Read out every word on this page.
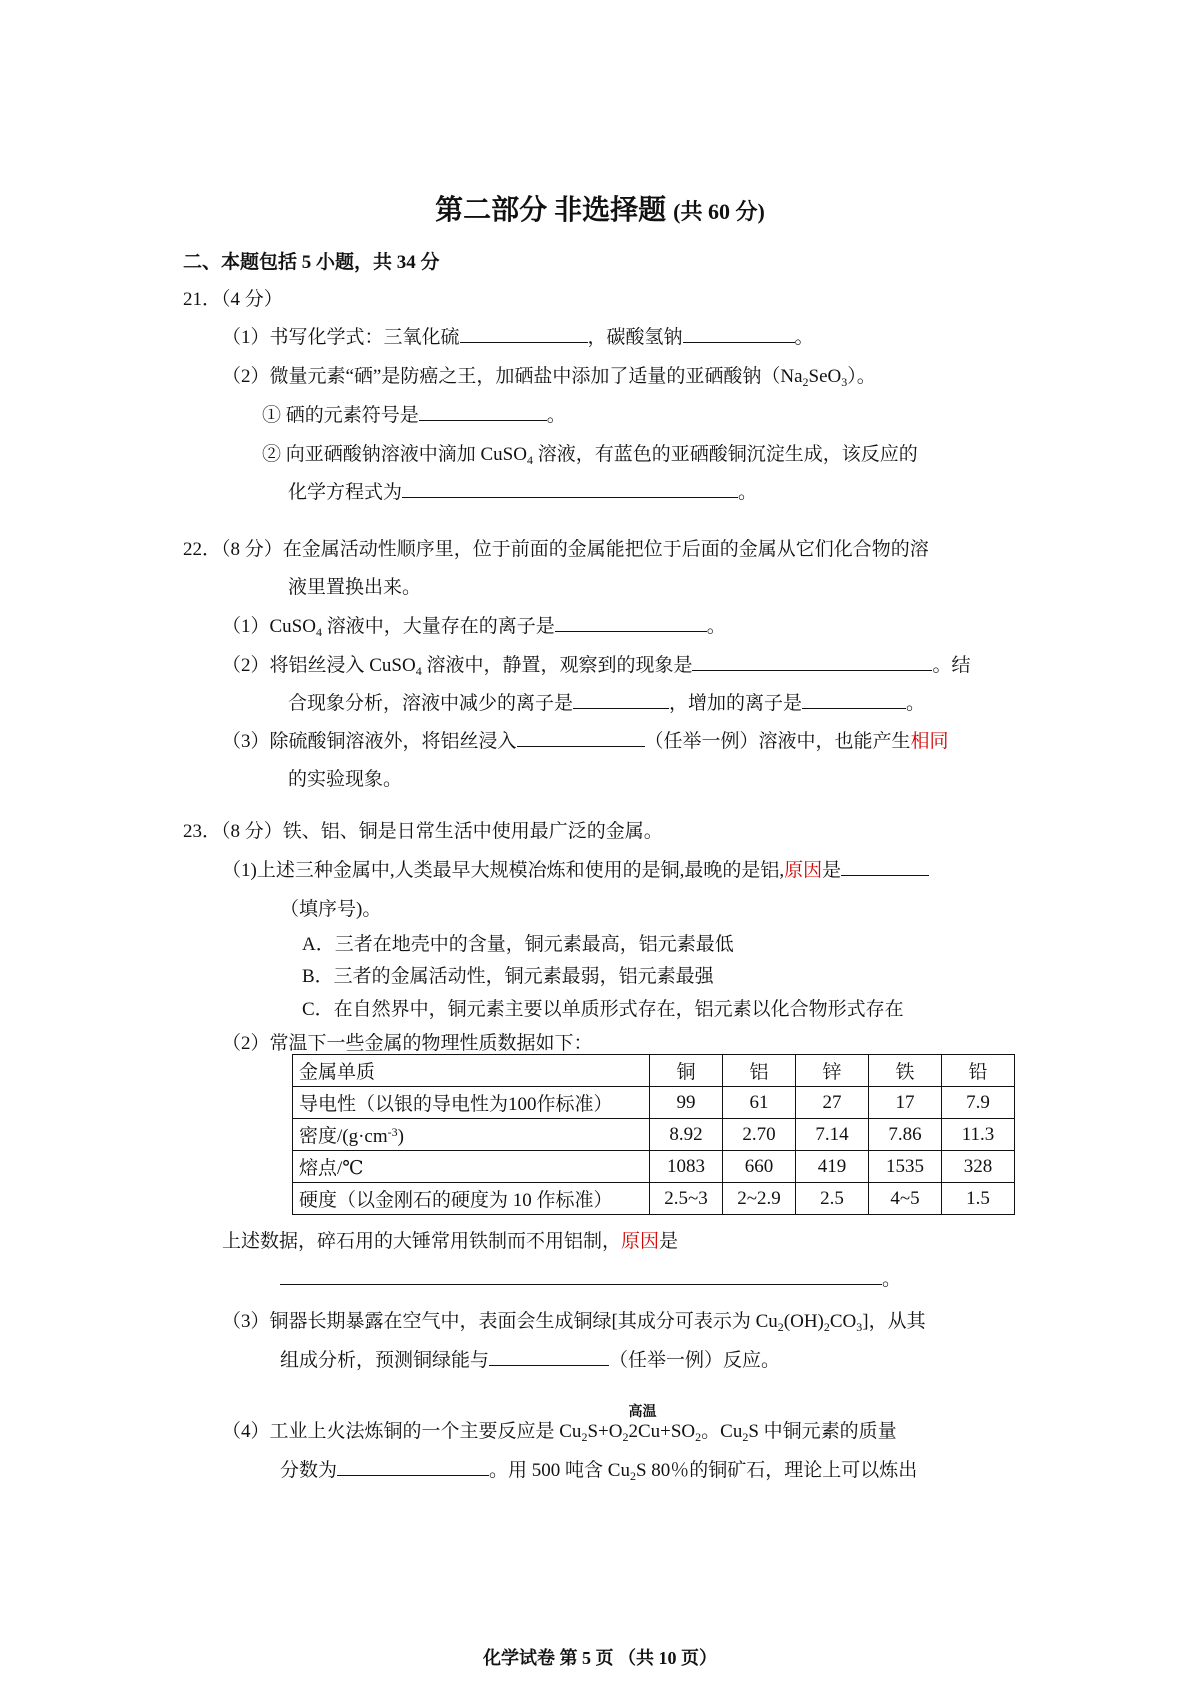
第二部分 非选择题 (共 60 分)
二、本题包括 5 小题，共 34 分
21．（4 分）
（1）书写化学式：三氧化硫	，碳酸氢钠	。
（2）微量元素“硒”是防癌之王，加硒盐中添加了适量的亚硒酸钠$(Na_2SeO_3)$。
① 硒的元素符号是	。
② 向亚硒酸钠溶液中滴加 CuSO$_4$ 溶液，有蓝色的亚硒酸铜沉淀生成，该反应的
化学方程式为	。
22．（8 分）在金属活动性顺序里，位于前面的金属能把位于后面的金属从它们化合物的溶
液里置换出来。
（1）CuSO$_4$ 溶液中，大量存在的离子是	。
（2）将铝丝浸入 CuSO$_4$ 溶液中，静置，观察到的现象是	。结
合现象分析，溶液中减少的离子是	，增加的离子是	。
（3）除硫酸铜溶液外，将铝丝浸入	（任举一例）溶液中，也能产生相同
的实验现象。
23．（8 分）铁、铝、铜是日常生活中使用最广泛的金属。
（1)上述三种金属中,人类最早大规模冶炼和使用的是铜,最晚的是铝,原因是
（填序号)。
A．三者在地壳中的含量，铜元素最高，铝元素最低
B．三者的金属活动性，铜元素最弱，铝元素最强
C．在自然界中，铜元素主要以单质形式存在，铝元素以化合物形式存在
（2）常温下一些金属的物理性质数据如下：
金属单质	铜	铝	锌	铁	铅
导电性（以银的导电性为100作标准）	99	61	27	17	7.9
密度$/(g\cdot cm^{-3})$	8.92	2.70	7.14	7.86	11.3
熔点/℃	1083	660	419	1535	328
硬度（以金刚石的硬度为 10 作标准）	2.5~3	2~2.9	2.5	4~5	1.5
上述数据，碎石用的大锤常用铁制而不用铝制，原因是
。
（3）铜器长期暴露在空气中，表面会生成铜绿[其成分可表示为 $Cu_2(OH)_2CO_3$]，从其
组成分析，预测铜绿能与	（任举一例）反应。
（4）工业上火法炼铜的一个主要反应是 $Cu_2S+O_2$
高温
$2Cu+SO_2$。$Cu_2S$ 中铜元素的质量
分数为	。用 500 吨含 $Cu_2S$ 80％的铜矿石，理论上可以炼出
化学试卷 第 5 页 （共 10 页）
